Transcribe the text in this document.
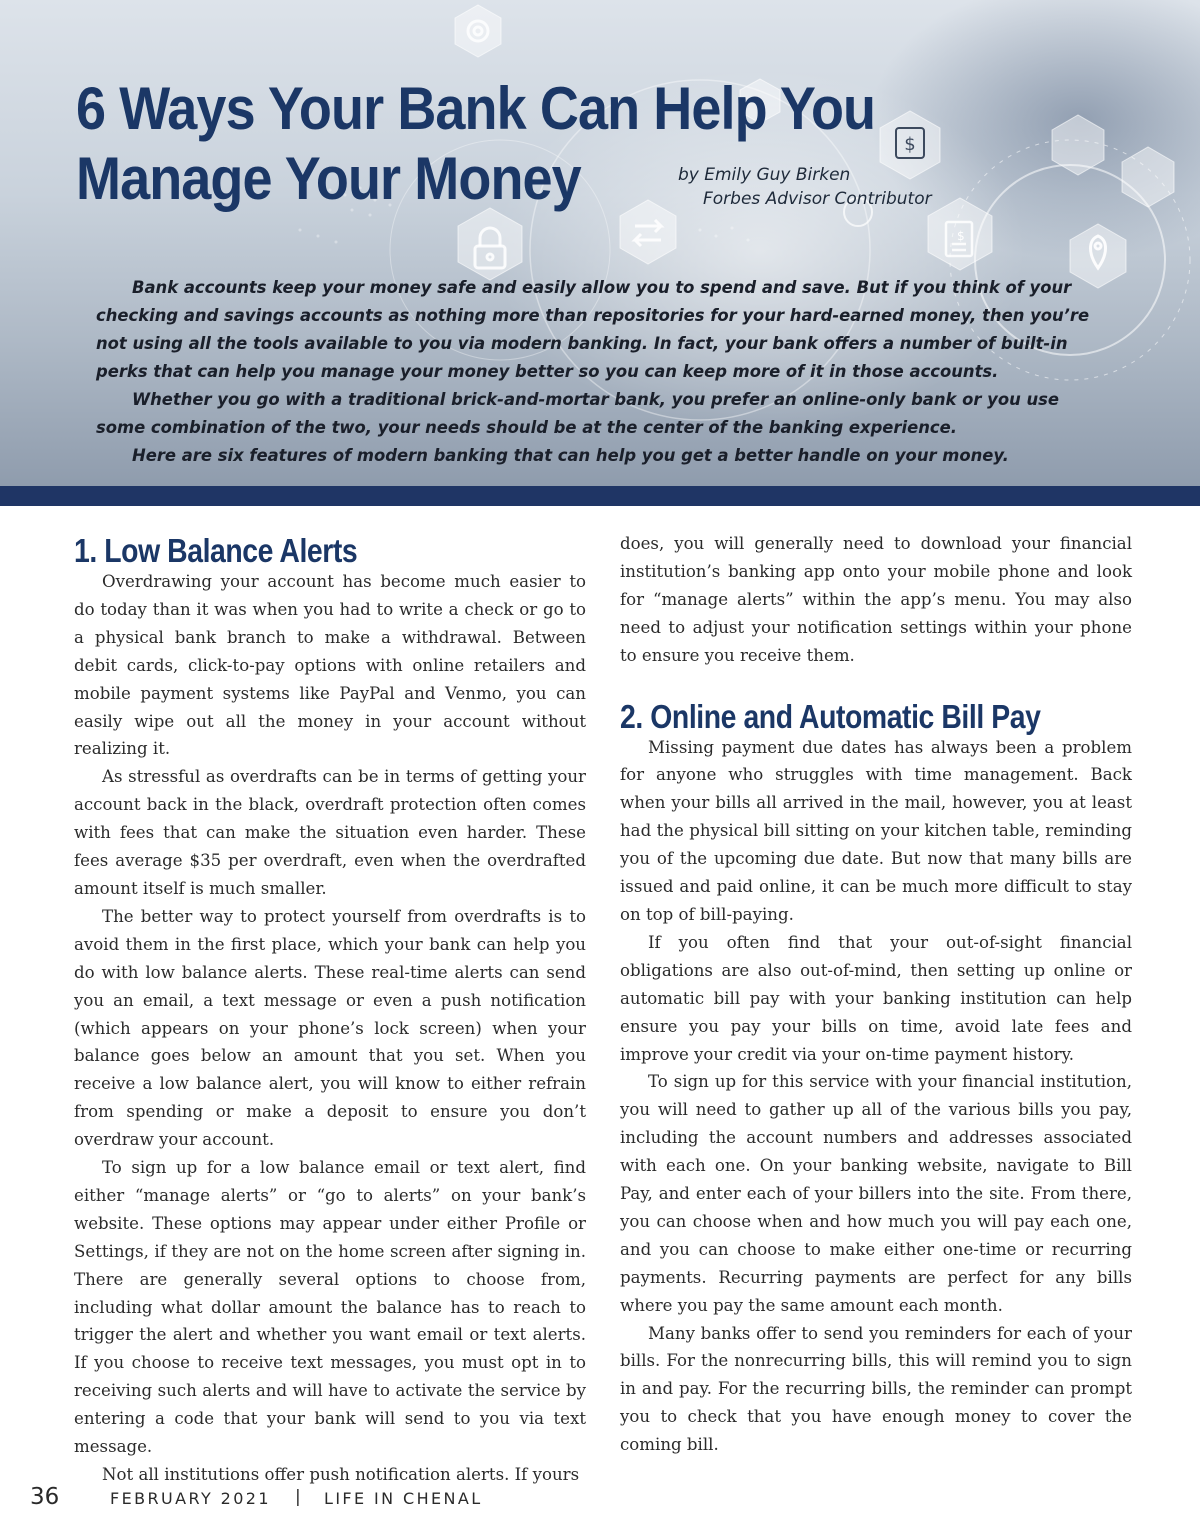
$
$
6 Ways Your Bank Can Help You
Manage Your Money	by Emily Guy Birken
Forbes Advisor Contributor

Bank accounts keep your money safe and easily allow you to spend and save. But if you think of your checking and savings accounts as nothing more than repositories for your hard-earned money, then you’re not using all the tools available to you via modern banking. In fact, your bank offers a number of built-in perks that can help you manage your money better so you can keep more of it in those accounts.

Whether you go with a traditional brick-and-mortar bank, you prefer an online-only bank or you use some combination of the two, your needs should be at the center of the banking experience.

Here are six features of modern banking that can help you get a better handle on your money.

1. Low Balance Alerts

Overdrawing your account has become much easier to do today than it was when you had to write a check or go to a physical bank branch to make a withdrawal. Between debit cards, click-to-pay options with online retailers and mobile payment systems like PayPal and Venmo, you can easily wipe out all the money in your account without realizing it.

As stressful as overdrafts can be in terms of getting your account back in the black, overdraft protection often comes with fees that can make the situation even harder. These fees average $35 per overdraft, even when the overdrafted amount itself is much smaller.

The better way to protect yourself from overdrafts is to avoid them in the first place, which your bank can help you do with low balance alerts. These real-time alerts can send you an email, a text message or even a push notification (which appears on your phone’s lock screen) when your balance goes below an amount that you set. When you receive a low balance alert, you will know to either refrain from spending or make a deposit to ensure you don’t overdraw your account.

To sign up for a low balance email or text alert, find either “manage alerts” or “go to alerts” on your bank’s website. These options may appear under either Profile or Settings, if they are not on the home screen after signing in. There are generally several options to choose from, including what dollar amount the balance has to reach to trigger the alert and whether you want email or text alerts. If you choose to receive text messages, you must opt in to receiving such alerts and will have to activate the service by entering a code that your bank will send to you via text message.

Not all institutions offer push notification alerts. If yours

does, you will generally need to download your financial institution’s banking app onto your mobile phone and look for “manage alerts” within the app’s menu. You may also need to adjust your notification settings within your phone to ensure you receive them.

2. Online and Automatic Bill Pay

Missing payment due dates has always been a problem for anyone who struggles with time management. Back when your bills all arrived in the mail, however, you at least had the physical bill sitting on your kitchen table, reminding you of the upcoming due date. But now that many bills are issued and paid online, it can be much more difficult to stay on top of bill-paying.

If you often find that your out-of-sight financial obligations are also out-of-mind, then setting up online or automatic bill pay with your banking institution can help ensure you pay your bills on time, avoid late fees and improve your credit via your on-time payment history.

To sign up for this service with your financial institution, you will need to gather up all of the various bills you pay, including the account numbers and addresses associated with each one. On your banking website, navigate to Bill Pay, and enter each of your billers into the site. From there, you can choose when and how much you will pay each one, and you can choose to make either one-time or recurring payments. Recurring payments are perfect for any bills where you pay the same amount each month.

Many banks offer to send you reminders for each of your bills. For the nonrecurring bills, this will remind you to sign in and pay. For the recurring bills, the reminder can prompt you to check that you have enough money to cover the coming bill.

36	FEBRUARY 2021 | LIFE IN CHENAL
